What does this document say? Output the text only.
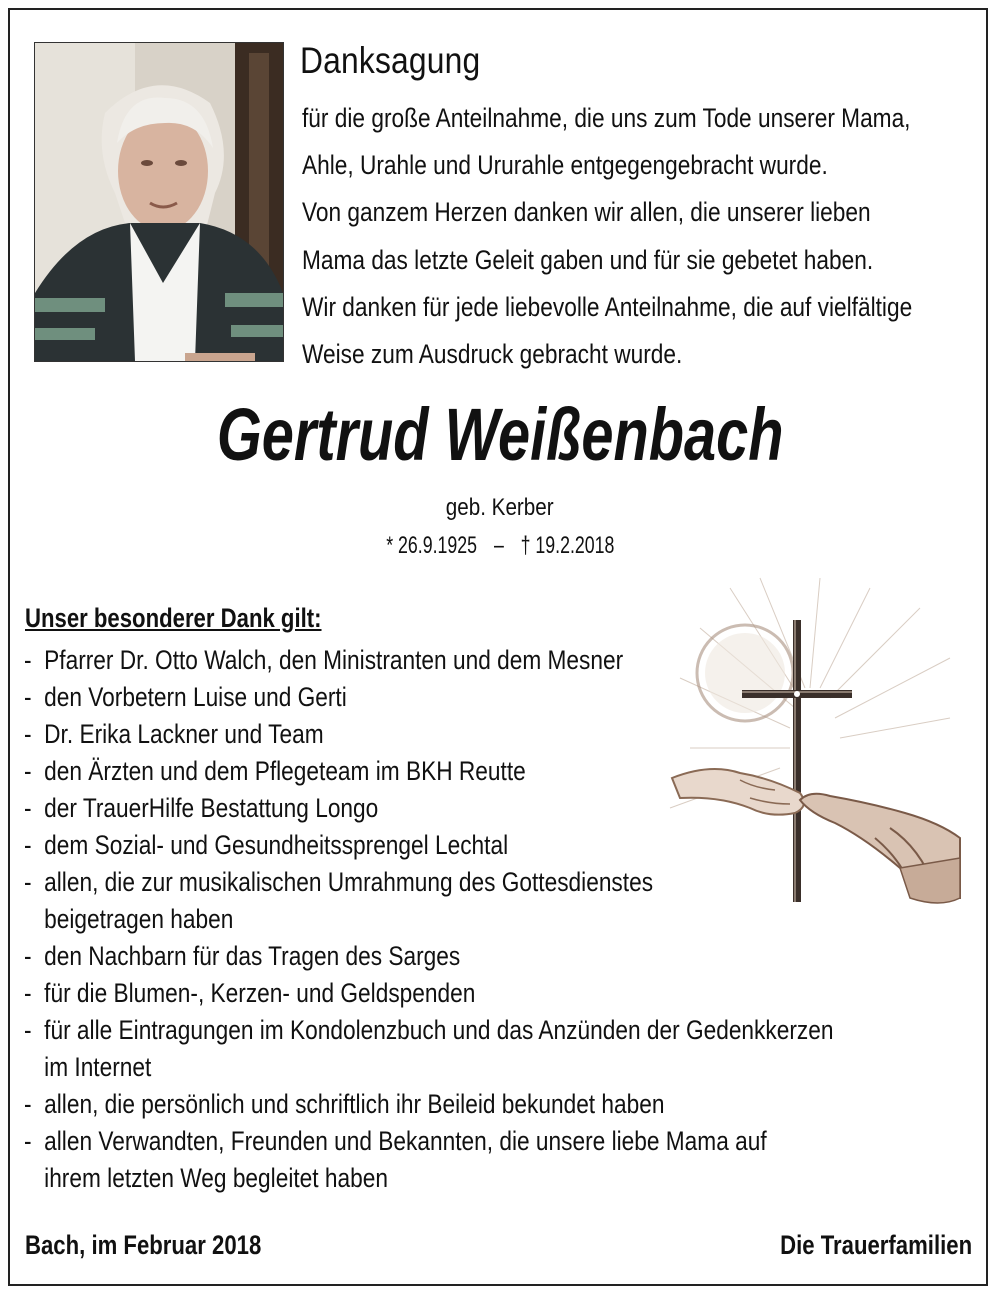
Danksagung
für die große Anteilnahme, die uns zum Tode unserer Mama,
Ahle, Urahle und Ururahle entgegengebracht wurde.
Von ganzem Herzen danken wir allen, die unserer lieben
Mama das letzte Geleit gaben und für sie gebetet haben.
Wir danken für jede liebevolle Anteilnahme, die auf vielfältige
Weise zum Ausdruck gebracht wurde.
Gertrud Weißenbach
geb. Kerber
* 26.9.1925 – † 19.2.2018
Unser besonderer Dank gilt:
- Pfarrer Dr. Otto Walch, den Ministranten und dem Mesner
- den Vorbetern Luise und Gerti
- Dr. Erika Lackner und Team
- den Ärzten und dem Pflegeteam im BKH Reutte
- der TrauerHilfe Bestattung Longo
- dem Sozial- und Gesundheitssprengel Lechtal
- allen, die zur musikalischen Umrahmung des Gottesdienstes
beigetragen haben
- den Nachbarn für das Tragen des Sarges
- für die Blumen-, Kerzen- und Geldspenden
- für alle Eintragungen im Kondolenzbuch und das Anzünden der Gedenkkerzen
im Internet
- allen, die persönlich und schriftlich ihr Beileid bekundet haben
- allen Verwandten, Freunden und Bekannten, die unsere liebe Mama auf
ihrem letzten Weg begleitet haben
Bach, im Februar 2018	Die Trauerfamilien
